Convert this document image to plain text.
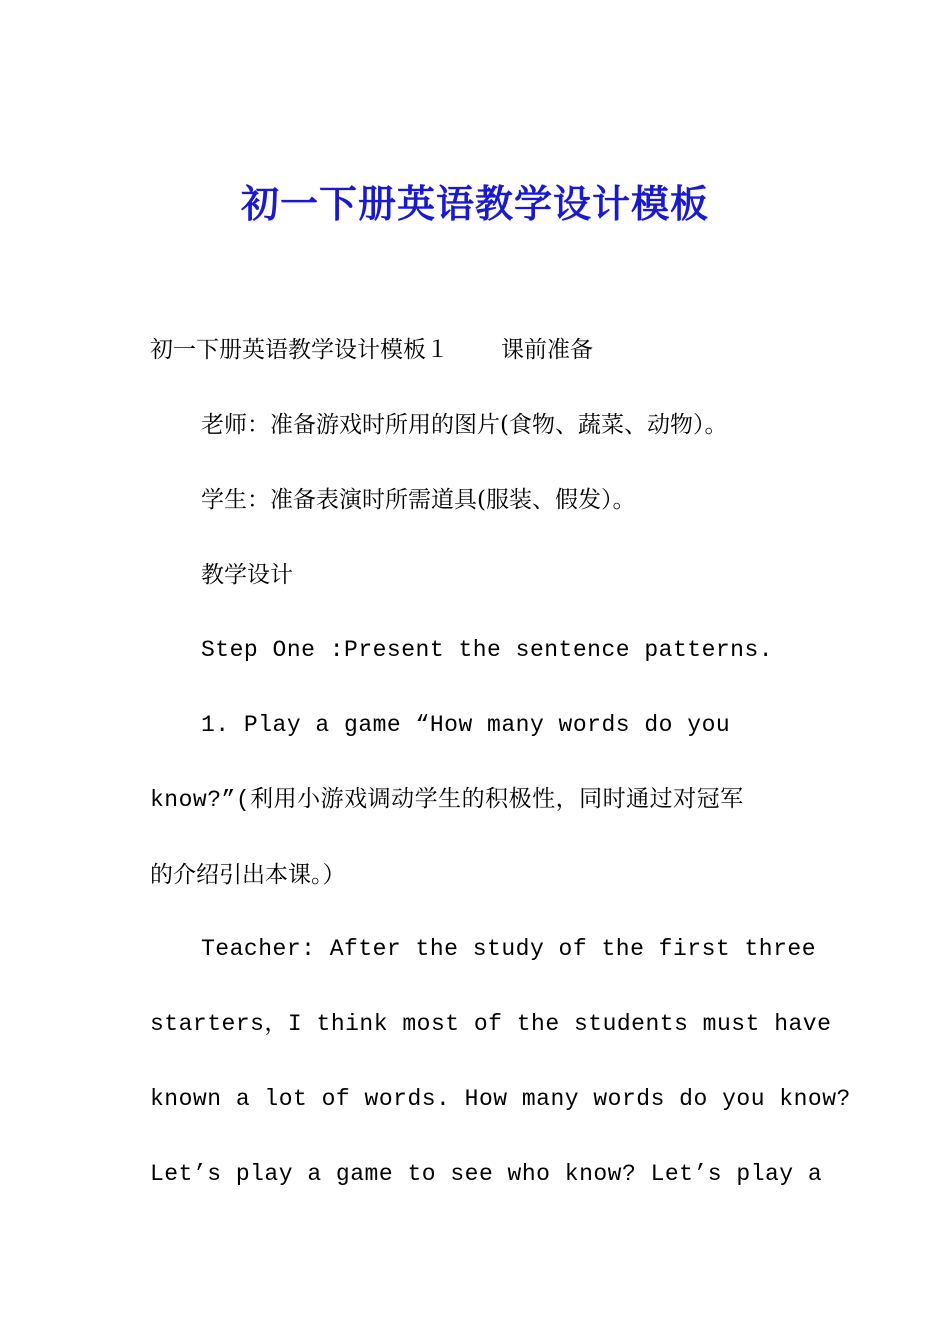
初一下册英语教学设计模板
初一下册英语教学设计模板１ 课前准备
老师：准备游戏时所用的图片(食物、蔬菜、动物）。
学生：准备表演时所需道具(服装、假发）。
教学设计
Step One :Present the sentence patterns.
1. Play a game “How many words do you
know?”(利用小游戏调动学生的积极性，同时通过对冠军
的介绍引出本课。）
Teacher: After the study of the first three
starters，I think most of the students must have
known a lot of words. How many words do you know?
Let’s play a game to see who know? Let’s play a
